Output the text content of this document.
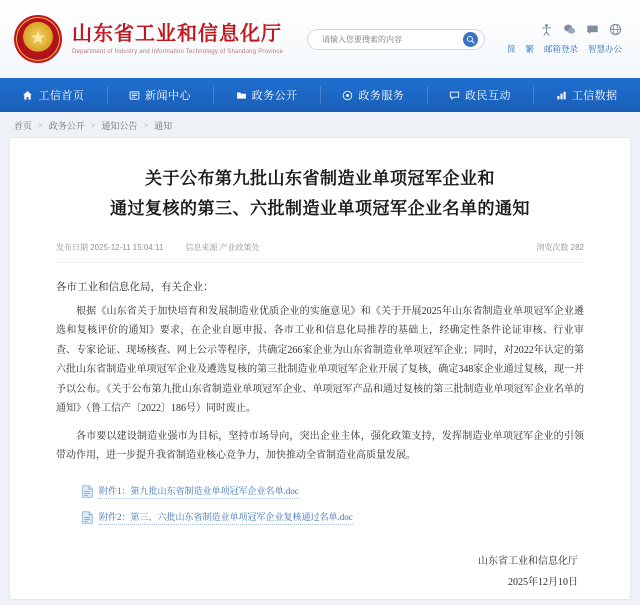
★
山东省工业和信息化厅
Department of Industry and Information Technology of Shandong Province
请输入您要搜索的内容	简 繁 邮箱登录 智慧办公
工信首页	新闻中心	政务公开	政务服务	政民互动	工信数据
首页 > 政务公开 > 通知公告 > 通知
关于公布第九批山东省制造业单项冠军企业和
通过复核的第三、六批制造业单项冠军企业名单的通知
发布日期 2025-12-11 15:04:11	信息来源 产业政策处	浏览次数 282
各市工业和信息化局，有关企业：
根据《山东省关于加快培育和发展制造业优质企业的实施意见》和《关于开展2025年山东省制造业单项冠军企业遴选和复核评价的通知》要求，在企业自愿申报、各市工业和信息化局推荐的基础上，经确定性条件论证审核、行业审查、专家论证、现场核查、网上公示等程序，共确定266家企业为山东省制造业单项冠军企业；同时，对2022年认定的第六批山东省制造业单项冠军企业及遴选复核的第三批制造业单项冠军企业开展了复核，确定348家企业通过复核，现一并予以公布。《关于公布第九批山东省制造业单项冠军企业、单项冠军产品和通过复核的第三批制造业单项冠军企业名单的通知》（鲁工信产〔2022〕186号）同时废止。
各市要以建设制造业强市为目标，坚持市场导向，突出企业主体，强化政策支持，发挥制造业单项冠军企业的引领带动作用，进一步提升我省制造业核心竞争力，加快推动全省制造业高质量发展。
附件1：第九批山东省制造业单项冠军企业名单.doc
附件2：第三、六批山东省制造业单项冠军企业复核通过名单.doc
山东省工业和信息化厅
2025年12月10日
